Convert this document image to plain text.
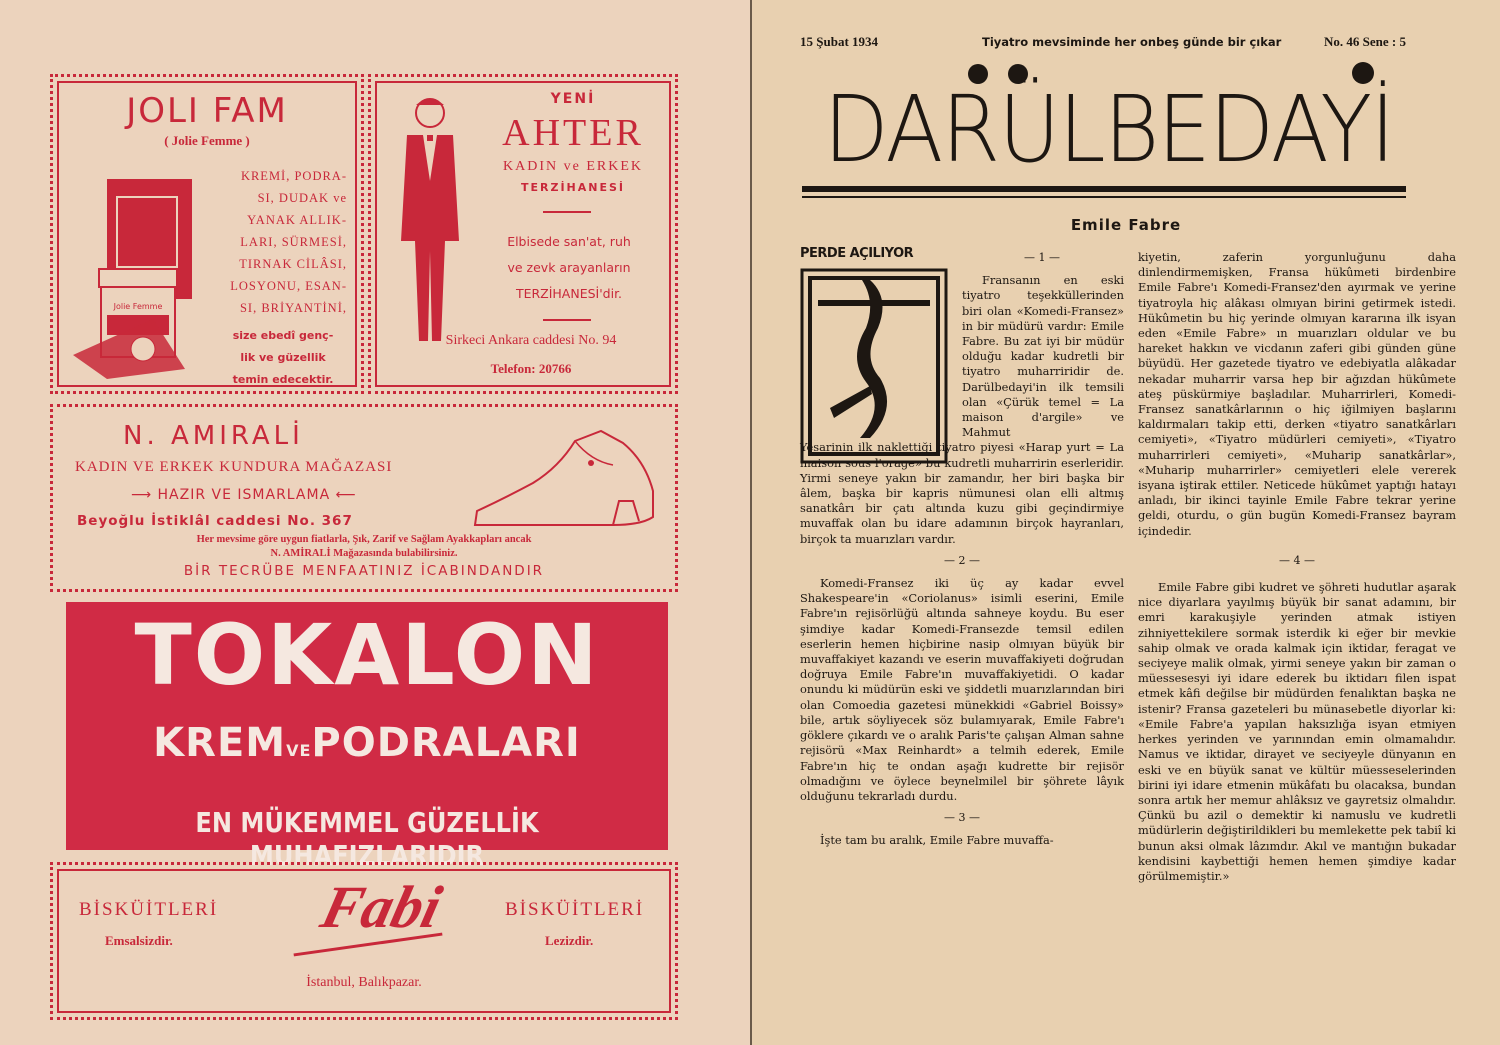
JOLI FAM
( Jolie Femme )
Jolie Femme
KREMİ, PODRA-
SI, DUDAK ve
YANAK ALLIK-
LARI, SÜRMESİ,
TIRNAK CİLÂSI,
LOSYONU, ESAN-
SI, BRİYANTİNİ,
size ebedî genç-
lik ve güzellik
temin edecektir.
YENİ
AHTER
KADIN ve ERKEK
TERZİHANESİ
Elbisede san'at, ruh
ve zevk arayanların
TERZİHANESİ'dir.
Sirkeci Ankara caddesi No. 94
Telefon: 20766
N. AMIRALİ
KADIN VE ERKEK KUNDURA MAĞAZASI
⟶ HAZIR VE ISMARLAMA ⟵
Beyoğlu İstiklâl caddesi No. 367
Her mevsime göre uygun fiatlarla, Şık, Zarif ve Sağlam Ayakkapları ancak
N. AMİRALİ Mağazasında bulabilirsiniz.
BİR TECRÜBE MENFAATINIZ İCABINDANDIR
TOKALON
KREMVEPODRALARI
EN MÜKEMMEL GÜZELLİK MUHAFIZLARIDIR
BİSKÜİTLERİ
Emsalsizdir.
Fabi	BİSKÜİTLERİ
Lezizdir.
İstanbul, Balıkpazar.
15 Şubat 1934	Tiyatro mevsiminde her onbeş günde bir çıkar	No. 46 Sene : 5
DARÜLBEDAYİ
Emile Fabre
PERDE AÇILIYOR	— 1 —

Fransanın en eski tiyatro teşekküllerinden biri olan «Komedi-Fransez» in bir müdürü vardır: Emile Fabre. Bu zat iyi bir müdür olduğu kadar kudretli bir tiyatro muharriridir de. Darülbedayi'in ilk temsili olan «Çürük temel = La maison d'argile» ve Mahmut

Yesarinin ilk naklettiği tiyatro piyesi «Harap yurt = La maison sous l'orage» bu kudretli muharririn eserleridir. Yirmi seneye yakın bir zamandır, her biri başka bir âlem, başka bir kapris nümunesi olan elli altmış sanatkârı bir çatı altında kuzu gibi geçindirmiye muvaffak olan bu idare adamının birçok hayranları, birçok ta muarızları vardır.

— 2 —

Komedi-Fransez iki üç ay kadar evvel Shakespeare'in «Coriolanus» isimli eserini, Emile Fabre'ın rejisörlüğü altında sahneye koydu. Bu eser şimdiye kadar Komedi-Fransezde temsil edilen eserlerin hemen hiçbirine nasip olmıyan büyük bir muvaffakiyet kazandı ve eserin muvaffakiyeti doğrudan doğruya Emile Fabre'ın muvaffakiyetidi. O kadar onundu ki müdürün eski ve şiddetli muarızlarından biri olan Comoedia gazetesi münekkidi «Gabriel Boissy» bile, artık söyliyecek söz bulamıyarak, Emile Fabre'ı göklere çıkardı ve o aralık Paris'te çalışan Alman sahne rejisörü «Max Reinhardt» a telmih ederek, Emile Fabre'ın hiç te ondan aşağı kudrette bir rejisör olmadığını ve öylece beynelmilel bir şöhrete lâyık olduğunu tekrarladı durdu.

— 3 —

İşte tam bu aralık, Emile Fabre muvaffa-

kiyetin, zaferin yorgunluğunu daha dinlendirmemişken, Fransa hükûmeti birdenbire Emile Fabre'ı Komedi-Fransez'den ayırmak ve yerine tiyatroyla hiç alâkası olmıyan birini getirmek istedi. Hükûmetin bu hiç yerinde olmıyan kararına ilk isyan eden «Emile Fabre» ın muarızları oldular ve bu hareket hakkın ve vicdanın zaferi gibi günden güne büyüdü. Her gazetede tiyatro ve edebiyatla alâkadar nekadar muharrir varsa hep bir ağızdan hükûmete ateş püskürmiye başladılar. Muharrirleri, Komedi-Fransez sanatkârlarının o hiç iğilmiyen başlarını kaldırmaları takip etti, derken «tiyatro sanatkârları cemiyeti», «Tiyatro müdürleri cemiyeti», «Tiyatro muharrirleri cemiyeti», «Muharip sanatkârlar», «Muharip muharrirler» cemiyetleri elele vererek isyana iştirak ettiler. Neticede hükûmet yaptığı hatayı anladı, bir ikinci tayinle Emile Fabre tekrar yerine geldi, oturdu, o gün bugün Komedi-Fransez bayram içindedir.

— 4 —

Emile Fabre gibi kudret ve şöhreti hudutlar aşarak nice diyarlara yayılmış büyük bir sanat adamını, bir emri karakuşiyle yerinden atmak istiyen zihniyettekilere sormak isterdik ki eğer bir mevkie sahip olmak ve orada kalmak için iktidar, feragat ve seciyeye malik olmak, yirmi seneye yakın bir zaman o müessesesyi iyi idare ederek bu iktidarı filen ispat etmek kâfi değilse bir müdürden fenalıktan başka ne istenir? Fransa gazeteleri bu münasebetle diyorlar ki: «Emile Fabre'a yapılan haksızlığa isyan etmiyen herkes yerinden ve yarınından emin olmamalıdır. Namus ve iktidar, dirayet ve seciyeyle dünyanın en eski ve en büyük sanat ve kültür müesseselerinden birini iyi idare etmenin mükâfatı bu olacaksa, bundan sonra artık her memur ahlâksız ve gayretsiz olmalıdır. Çünkü bu azil o demektir ki namuslu ve kudretli müdürlerin değiştirildikleri bu memlekette pek tabiî ki bunun aksi olmak lâzımdır. Akıl ve mantığın bukadar kendisini kaybettiği hemen hemen şimdiye kadar görülmemiştir.»
